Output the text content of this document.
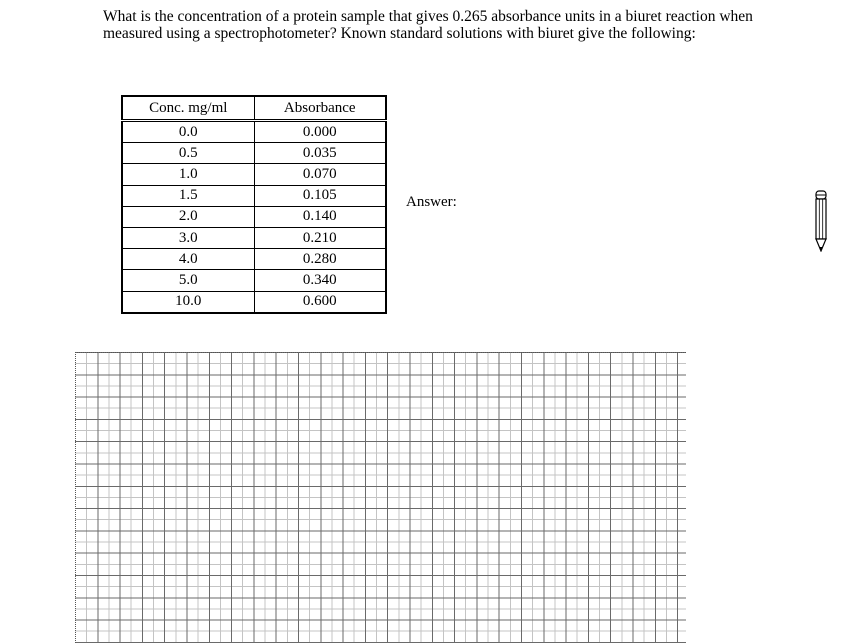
What is the concentration of a protein sample that gives 0.265 absorbance units in a biuret reaction when measured using a spectrophotometer? Known standard solutions with biuret give the following:

Conc. mg/ml	Absorbance
0.0	0.000
0.5	0.035
1.0	0.070
1.5	0.105
2.0	0.140
3.0	0.210
4.0	0.280
5.0	0.340
10.0	0.600
Answer:
